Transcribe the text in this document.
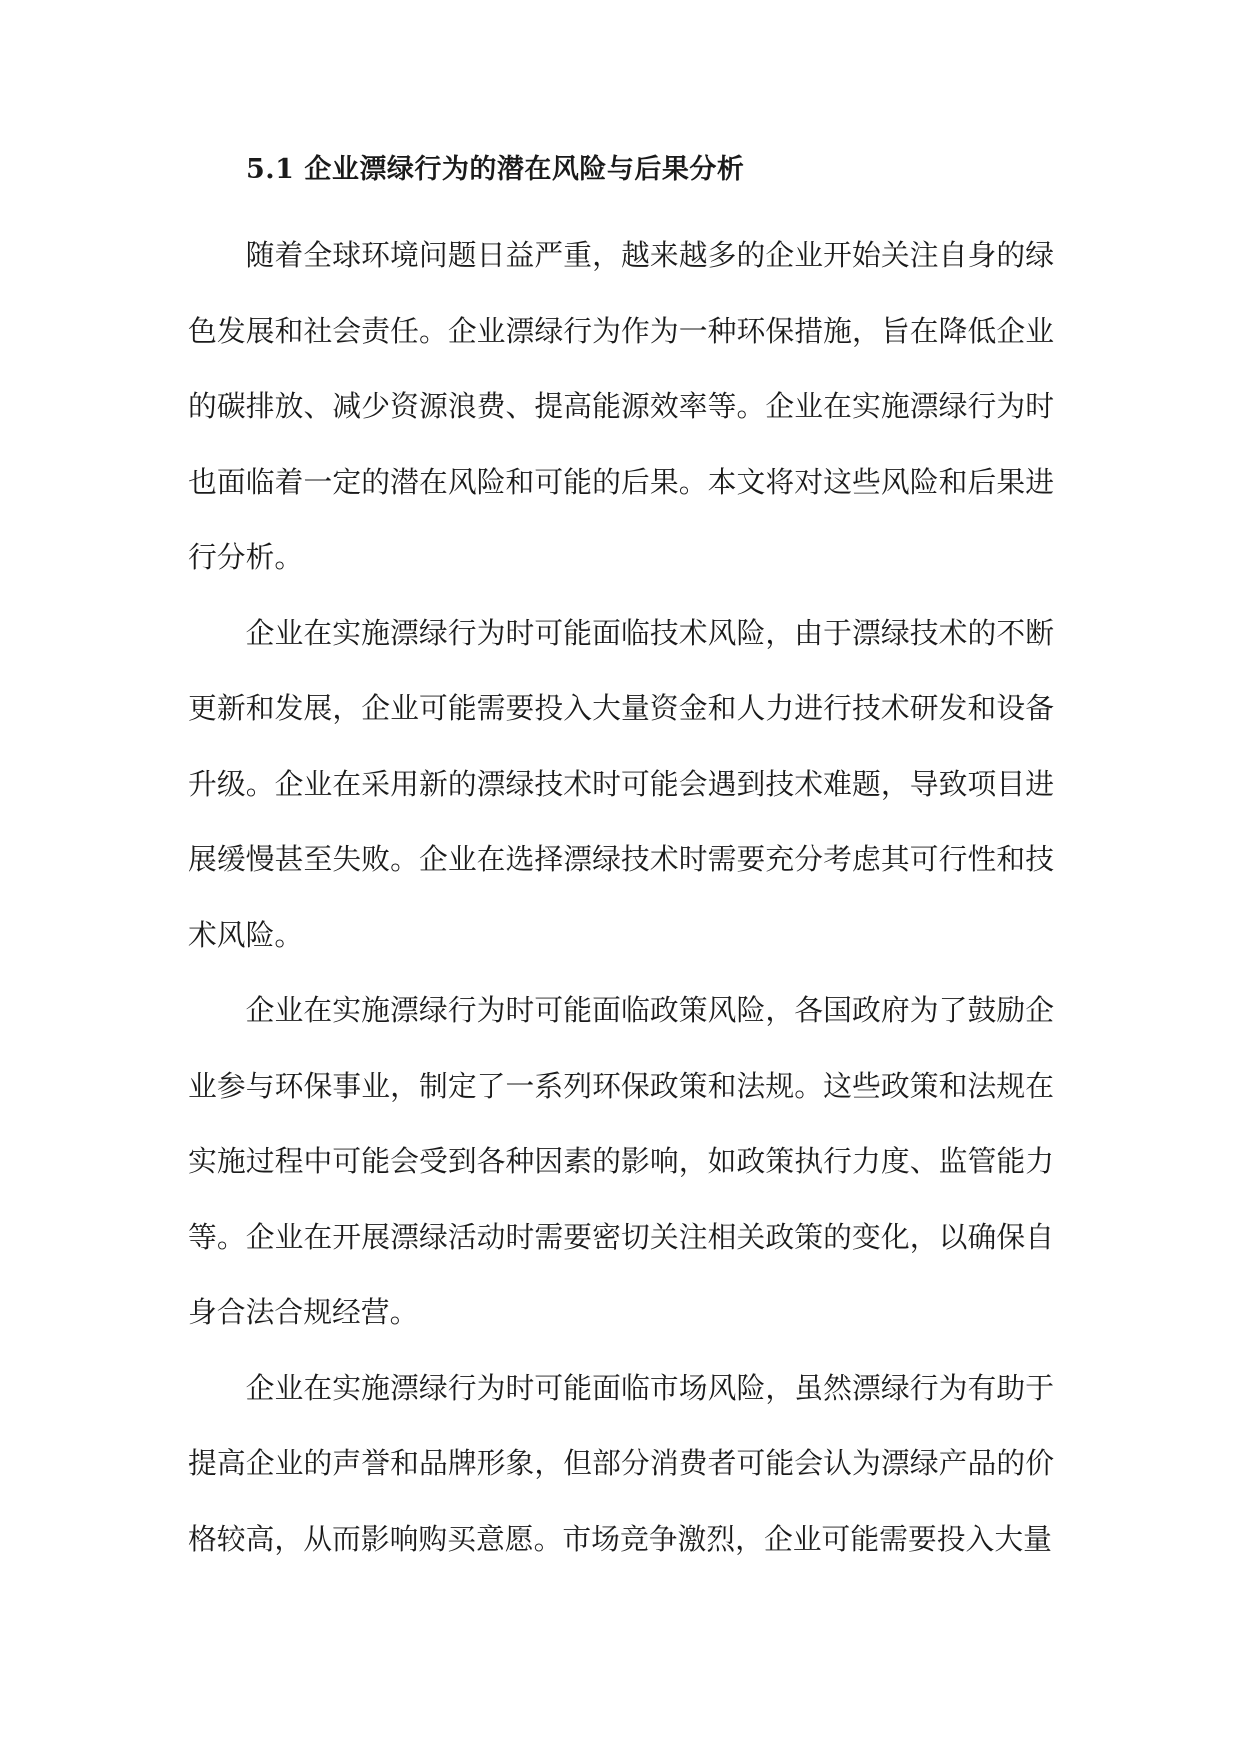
5.1 企业漂绿行为的潜在风险与后果分析

随着全球环境问题日益严重，越来越多的企业开始关注自身的绿色发展和社会责任。企业漂绿行为作为一种环保措施，旨在降低企业的碳排放、减少资源浪费、提高能源效率等。企业在实施漂绿行为时也面临着一定的潜在风险和可能的后果。本文将对这些风险和后果进行分析。

企业在实施漂绿行为时可能面临技术风险，由于漂绿技术的不断更新和发展，企业可能需要投入大量资金和人力进行技术研发和设备升级。企业在采用新的漂绿技术时可能会遇到技术难题，导致项目进展缓慢甚至失败。企业在选择漂绿技术时需要充分考虑其可行性和技术风险。

企业在实施漂绿行为时可能面临政策风险，各国政府为了鼓励企业参与环保事业，制定了一系列环保政策和法规。这些政策和法规在实施过程中可能会受到各种因素的影响，如政策执行力度、监管能力等。企业在开展漂绿活动时需要密切关注相关政策的变化，以确保自身合法合规经营。

企业在实施漂绿行为时可能面临市场风险，虽然漂绿行为有助于提高企业的声誉和品牌形象，但部分消费者可能会认为漂绿产品的价格较高，从而影响购买意愿。市场竞争激烈，企业可能需要投入大量
